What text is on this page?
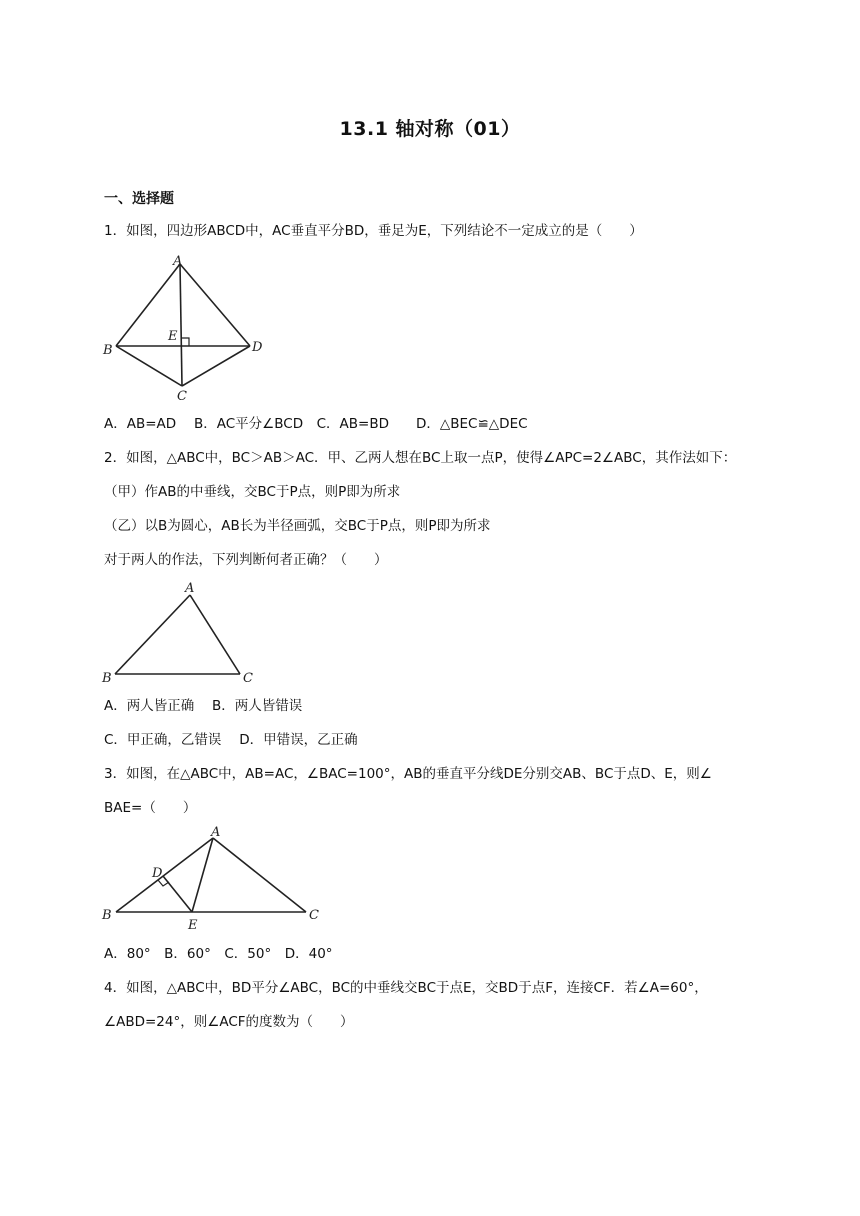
13.1 轴对称（01）
一、选择题
1．如图，四边形ABCD中，AC垂直平分BD，垂足为E，下列结论不一定成立的是（　　）
A
B
C
D
E
A．AB=AD　 B．AC平分∠BCD　C．AB=BD　　D．△BEC≌△DEC
2．如图，△ABC中，BC＞AB＞AC．甲、乙两人想在BC上取一点P，使得∠APC=2∠ABC，其作法如下：
（甲）作AB的中垂线，交BC于P点，则P即为所求
（乙）以B为圆心，AB长为半径画弧，交BC于P点，则P即为所求
对于两人的作法，下列判断何者正确？（　　）
A
B	C
A．两人皆正确　 B．两人皆错误
C．甲正确，乙错误　 D．甲错误，乙正确
3．如图，在△ABC中，AB=AC，∠BAC=100°，AB的垂直平分线DE分别交AB、BC于点D、E，则∠
BAE=（　　）
A
B	C
D
E
A．80°　B．60°　C．50°　D．40°
4．如图，△ABC中，BD平分∠ABC，BC的中垂线交BC于点E，交BD于点F，连接CF．若∠A=60°，
∠ABD=24°，则∠ACF的度数为（　　）
